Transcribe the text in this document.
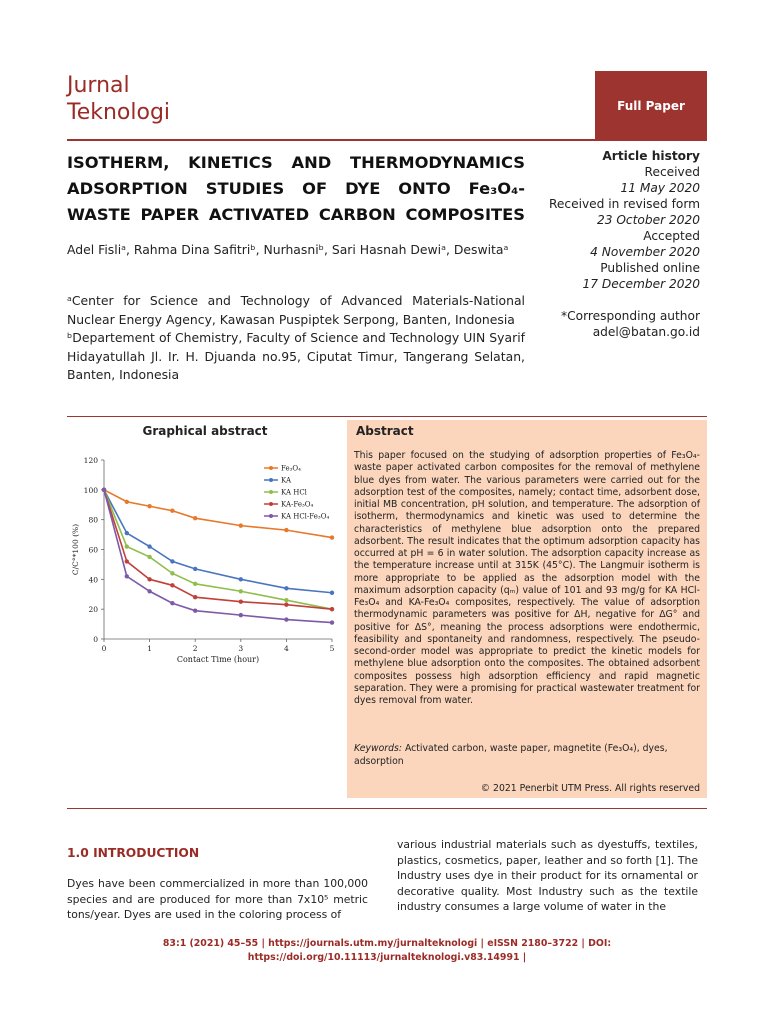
Jurnal
Teknologi	Full Paper
ISOTHERM, KINETICS AND THERMODYNAMICS ADSORPTION STUDIES OF DYE ONTO Fe₃O₄-WASTE PAPER ACTIVATED CARBON COMPOSITES
Adel Fisliᵃ, Rahma Dina Safitriᵇ, Nurhasniᵇ, Sari Hasnah Dewiᵃ, Deswitaᵃ

ᵃCenter for Science and Technology of Advanced Materials-National Nuclear Energy Agency, Kawasan Puspiptek Serpong, Banten, Indonesia

ᵇDepartement of Chemistry, Faculty of Science and Technology UIN Syarif Hidayatullah Jl. Ir. H. Djuanda no.95, Ciputat Timur, Tangerang Selatan, Banten, Indonesia

Article history
Received
11 May 2020
Received in revised form
23 October 2020
Accepted
4 November 2020
Published online
17 December 2020
*Corresponding author
adel@batan.go.id
Graphical abstract
0
20
40
60
80
100
120
0	1	2	3	4	5
Fe₃O₄
KA
KA HCl
KA-Fe₃O₄
KA HCl-Fe₃O₄
Contact Time (hour)
C/C°*100 (%)
Abstract

This paper focused on the studying of adsorption properties of Fe₃O₄-waste paper activated carbon composites for the removal of methylene blue dyes from water. The various parameters were carried out for the adsorption test of the composites, namely; contact time, adsorbent dose, initial MB concentration, pH solution, and temperature. The adsorption of isotherm, thermodynamics and kinetic was used to determine the characteristics of methylene blue adsorption onto the prepared adsorbent. The result indicates that the optimum adsorption capacity has occurred at pH = 6 in water solution. The adsorption capacity increase as the temperature increase until at 315K (45°C). The Langmuir isotherm is more appropriate to be applied as the adsorption model with the maximum adsorption capacity (qₘ) value of 101 and 93 mg/g for KA HCl-Fe₃O₄ and KA-Fe₃O₄ composites, respectively. The value of adsorption thermodynamic parameters was positive for ΔH, negative for ΔG° and positive for ΔS°, meaning the process adsorptions were endothermic, feasibility and spontaneity and randomness, respectively. The pseudo-second-order model was appropriate to predict the kinetic models for methylene blue adsorption onto the composites. The obtained adsorbent composites possess high adsorption efficiency and rapid magnetic separation. They were a promising for practical wastewater treatment for dyes removal from water.

Keywords: Activated carbon, waste paper, magnetite (Fe₃O₄), dyes, adsorption
© 2021 Penerbit UTM Press. All rights reserved
1.0 INTRODUCTION
Dyes have been commercialized in more than 100,000 species and are produced for more than 7x10⁵ metric tons/year. Dyes are used in the coloring process of
various industrial materials such as dyestuffs, textiles, plastics, cosmetics, paper, leather and so forth [1]. The Industry uses dye in their product for its ornamental or decorative quality. Most Industry such as the textile industry consumes a large volume of water in the
83:1 (2021) 45–55 | https://journals.utm.my/jurnalteknologi | eISSN 2180–3722 | DOI:
https://doi.org/10.11113/jurnalteknologi.v83.14991 |
